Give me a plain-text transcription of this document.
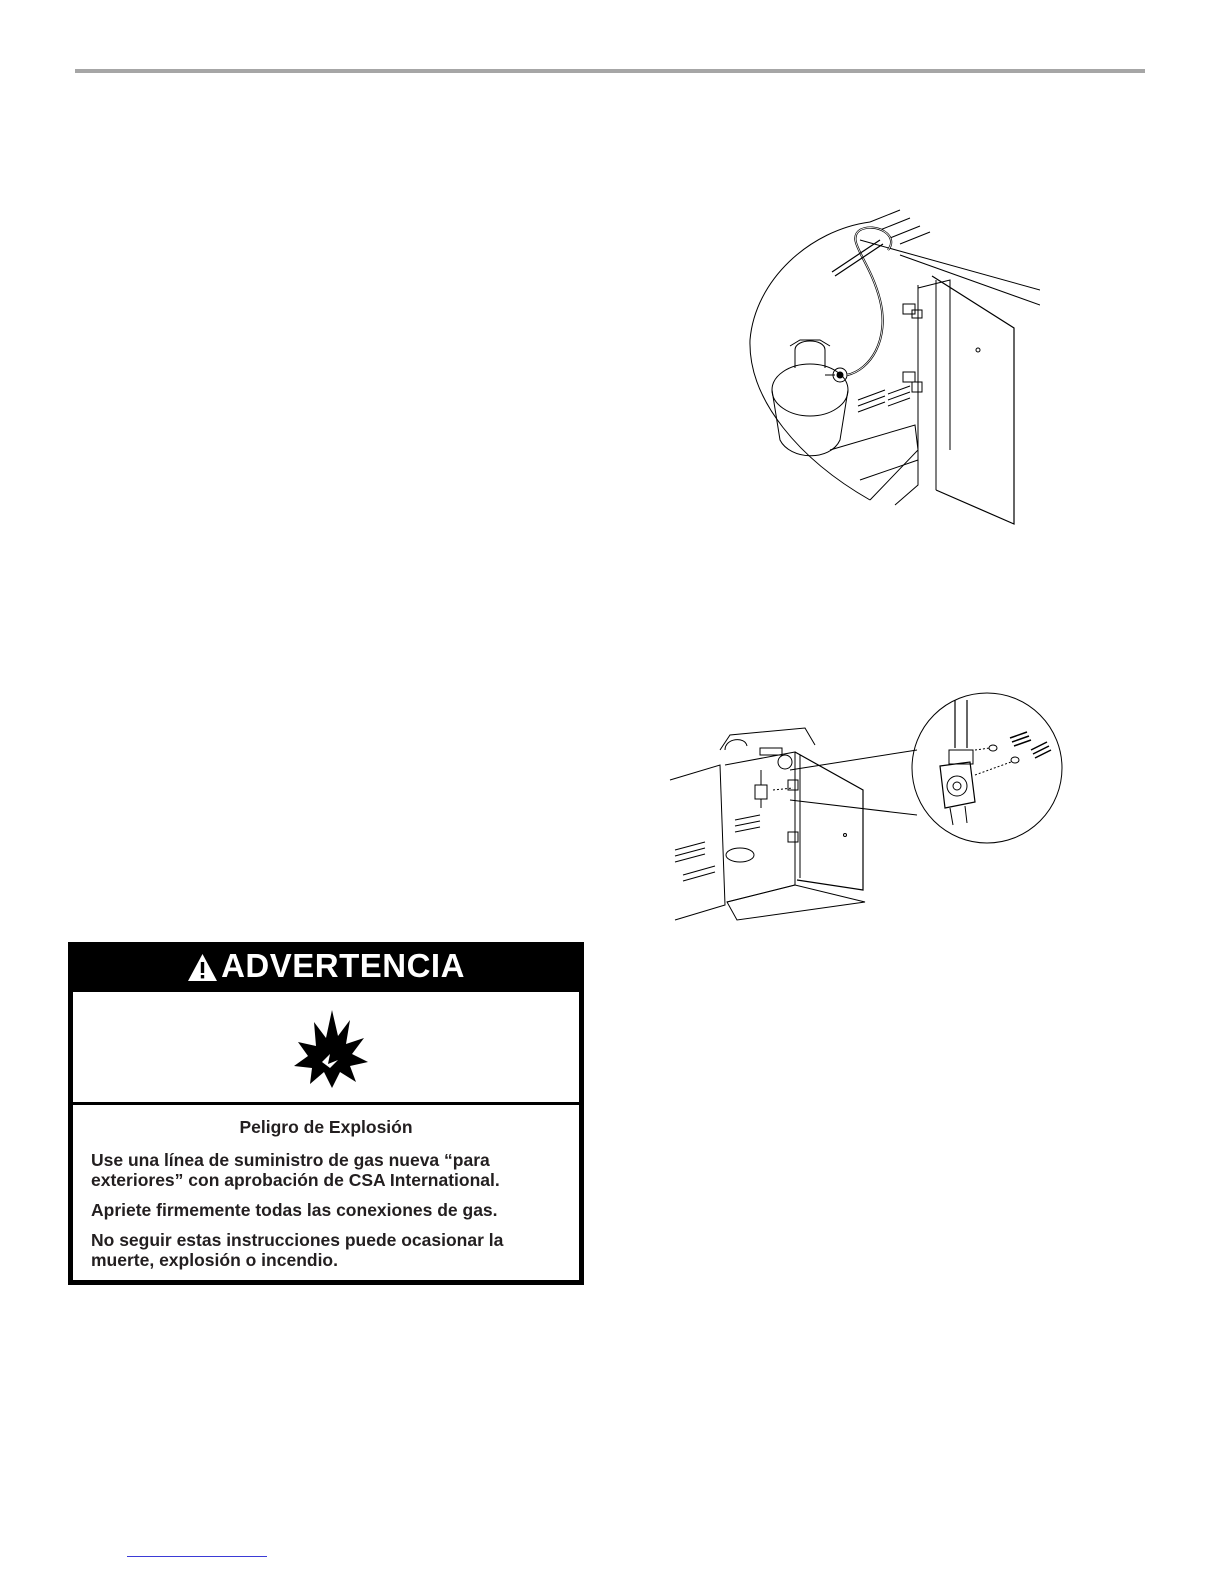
ADVERTENCIA
Peligro de Explosión
Use una línea de suministro de gas nueva “para
exteriores” con aprobación de CSA International.
Apriete firmemente todas las conexiones de gas.
No seguir estas instrucciones puede ocasionar la
muerte, explosión o incendio.
